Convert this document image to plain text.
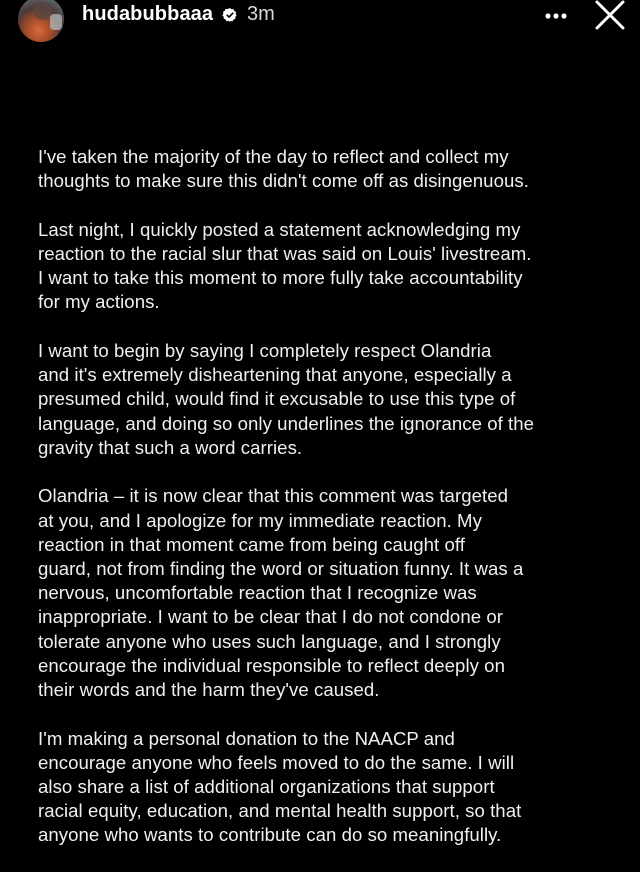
hudabubbaaa 3m

I've taken the majority of the day to reflect and collect my
thoughts to make sure this didn't come off as disingenuous.

Last night, I quickly posted a statement acknowledging my
reaction to the racial slur that was said on Louis' livestream.
I want to take this moment to more fully take accountability
for my actions.

I want to begin by saying I completely respect Olandria
and it's extremely disheartening that anyone, especially a
presumed child, would find it excusable to use this type of
language, and doing so only underlines the ignorance of the
gravity that such a word carries.

Olandria – it is now clear that this comment was targeted
at you, and I apologize for my immediate reaction. My
reaction in that moment came from being caught off
guard, not from finding the word or situation funny. It was a
nervous, uncomfortable reaction that I recognize was
inappropriate. I want to be clear that I do not condone or
tolerate anyone who uses such language, and I strongly
encourage the individual responsible to reflect deeply on
their words and the harm they've caused.

I'm making a personal donation to the NAACP and
encourage anyone who feels moved to do the same. I will
also share a list of additional organizations that support
racial equity, education, and mental health support, so that
anyone who wants to contribute can do so meaningfully.
